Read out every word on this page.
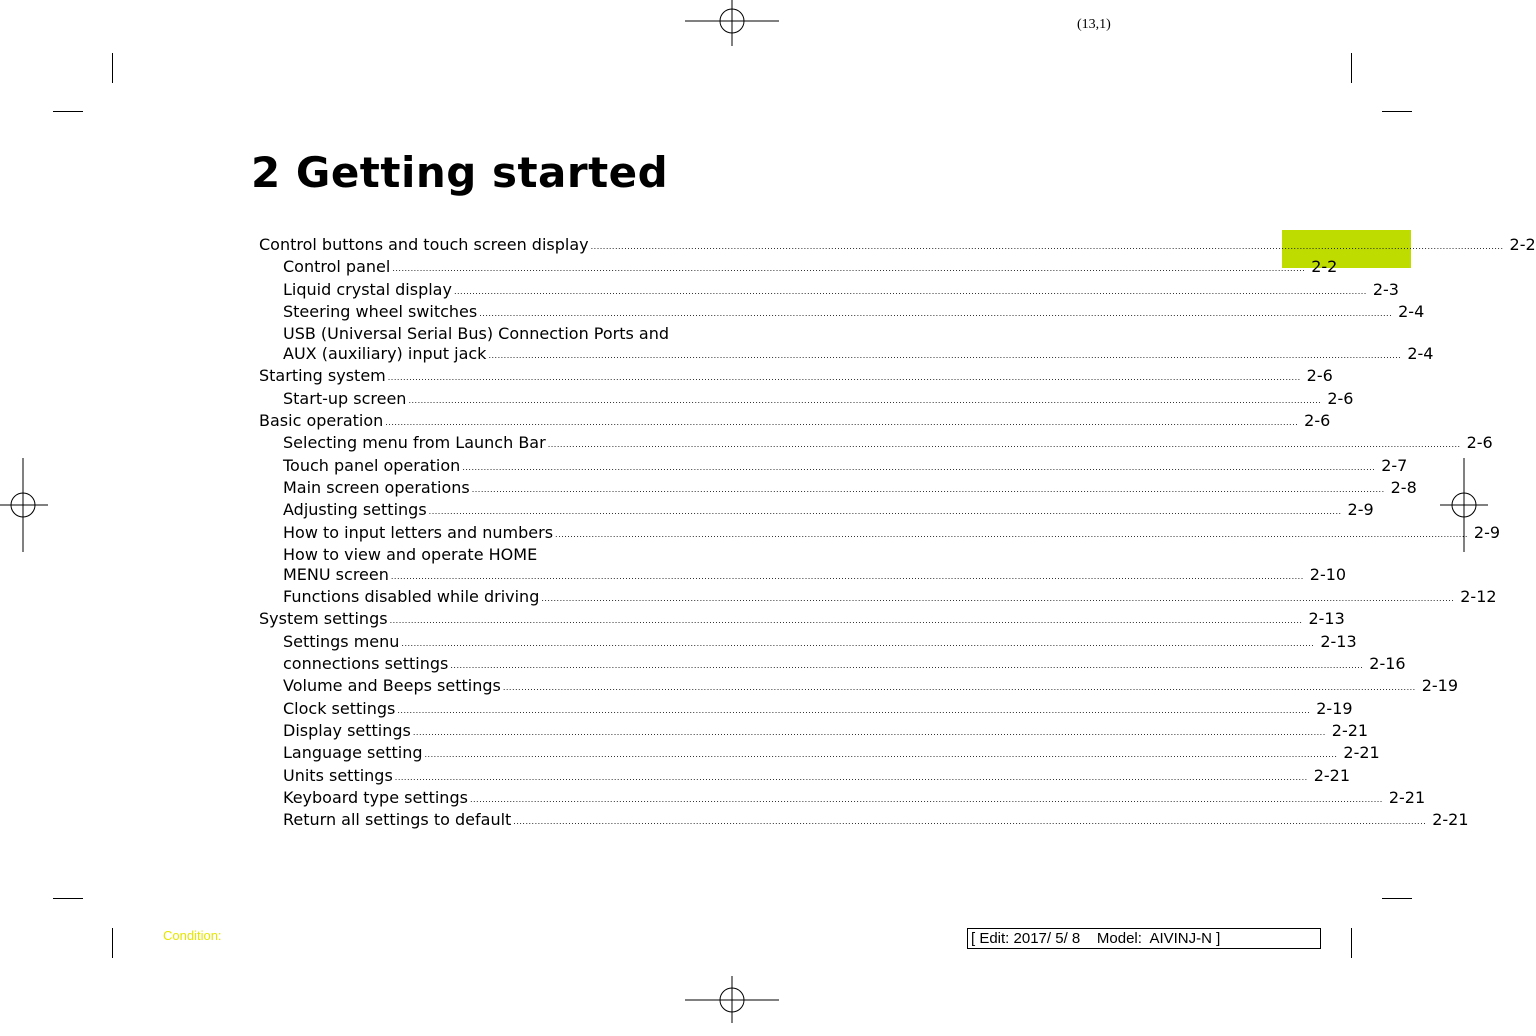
(13,1)
2 Getting started
Control buttons and touch screen display ............................................................................................................................................................................................................................................................................................................ 2-2
Control panel ............................................................................................................................................................................................................................................................................................................ 2-2
Liquid crystal display ............................................................................................................................................................................................................................................................................................................ 2-3
Steering wheel switches ............................................................................................................................................................................................................................................................................................................ 2-4
USB (Universal Serial Bus) Connection Ports and
AUX (auxiliary) input jack ............................................................................................................................................................................................................................................................................................................ 2-4
Starting system ............................................................................................................................................................................................................................................................................................................ 2-6
Start-up screen ............................................................................................................................................................................................................................................................................................................ 2-6
Basic operation ............................................................................................................................................................................................................................................................................................................ 2-6
Selecting menu from Launch Bar ............................................................................................................................................................................................................................................................................................................ 2-6
Touch panel operation ............................................................................................................................................................................................................................................................................................................ 2-7
Main screen operations ............................................................................................................................................................................................................................................................................................................ 2-8
Adjusting settings ............................................................................................................................................................................................................................................................................................................ 2-9
How to input letters and numbers ............................................................................................................................................................................................................................................................................................................ 2-9
How to view and operate HOME
MENU screen ............................................................................................................................................................................................................................................................................................................ 2-10
Functions disabled while driving ............................................................................................................................................................................................................................................................................................................ 2-12
System settings ............................................................................................................................................................................................................................................................................................................ 2-13
Settings menu ............................................................................................................................................................................................................................................................................................................ 2-13
connections settings ............................................................................................................................................................................................................................................................................................................ 2-16
Volume and Beeps settings ............................................................................................................................................................................................................................................................................................................ 2-19
Clock settings ............................................................................................................................................................................................................................................................................................................ 2-19
Display settings ............................................................................................................................................................................................................................................................................................................ 2-21
Language setting ............................................................................................................................................................................................................................................................................................................ 2-21
Units settings ............................................................................................................................................................................................................................................................................................................ 2-21
Keyboard type settings ............................................................................................................................................................................................................................................................................................................ 2-21
Return all settings to default ............................................................................................................................................................................................................................................................................................................ 2-21
Condition:	[ Edit: 2017/ 5/ 8    Model:  AIVINJ-N ]
